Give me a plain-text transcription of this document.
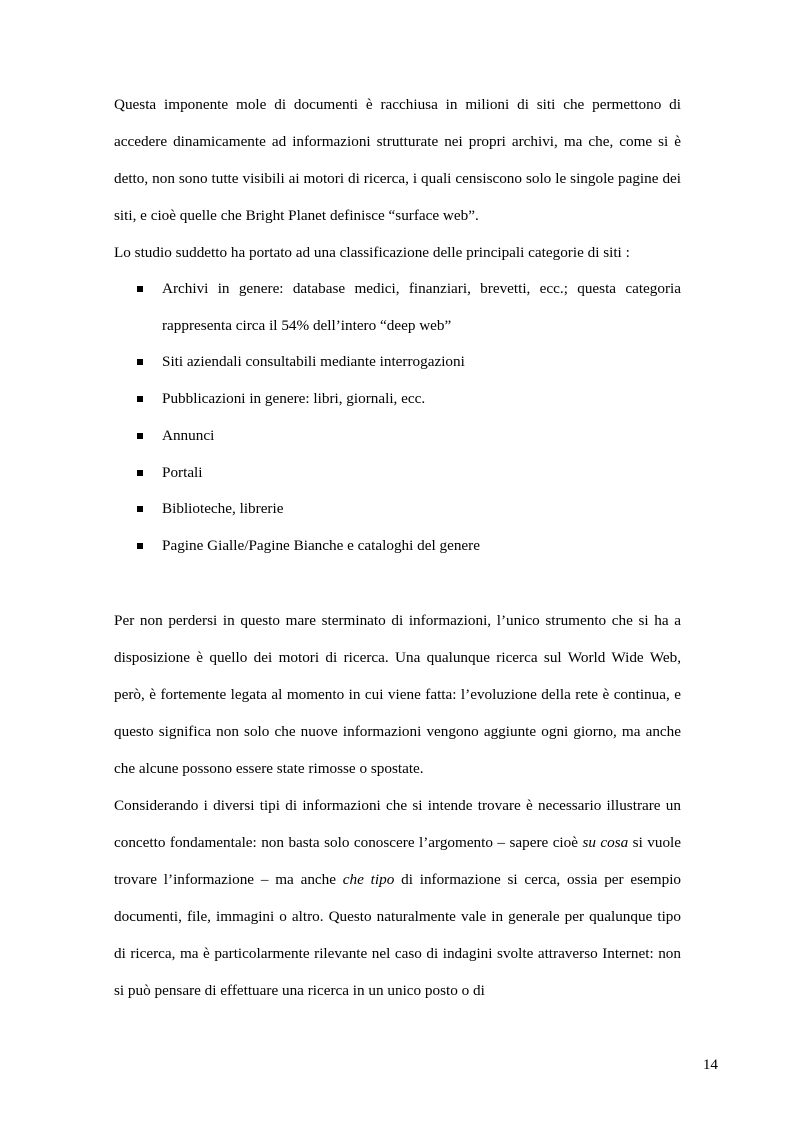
Questa imponente mole di documenti è racchiusa in milioni di siti che permettono di accedere dinamicamente ad informazioni strutturate nei propri archivi, ma che, come si è detto, non sono tutte visibili ai motori di ricerca, i quali censiscono solo le singole pagine dei siti, e cioè quelle che Bright Planet definisce “surface web”.

Lo studio suddetto ha portato ad una classificazione delle principali categorie di siti :

Archivi in genere: database medici, finanziari, brevetti, ecc.; questa categoria rappresenta circa il 54% dell’intero “deep web”
Siti aziendali consultabili mediante interrogazioni
Pubblicazioni in genere: libri, giornali, ecc.
Annunci
Portali
Biblioteche, librerie
Pagine Gialle/Pagine Bianche e cataloghi del genere

Per non perdersi in questo mare sterminato di informazioni, l’unico strumento che si ha a disposizione è quello dei motori di ricerca. Una qualunque ricerca sul World Wide Web, però, è fortemente legata al momento in cui viene fatta: l’evoluzione della rete è continua, e questo significa non solo che nuove informazioni vengono aggiunte ogni giorno, ma anche che alcune possono essere state rimosse o spostate.

Considerando i diversi tipi di informazioni che si intende trovare è necessario illustrare un concetto fondamentale: non basta solo conoscere l’argomento – sapere cioè su cosa si vuole trovare l’informazione – ma anche che tipo di informazione si cerca, ossia per esempio documenti, file, immagini o altro. Questo naturalmente vale in generale per qualunque tipo di ricerca, ma è particolarmente rilevante nel caso di indagini svolte attraverso Internet: non si può pensare di effettuare una ricerca in un unico posto o di

14
